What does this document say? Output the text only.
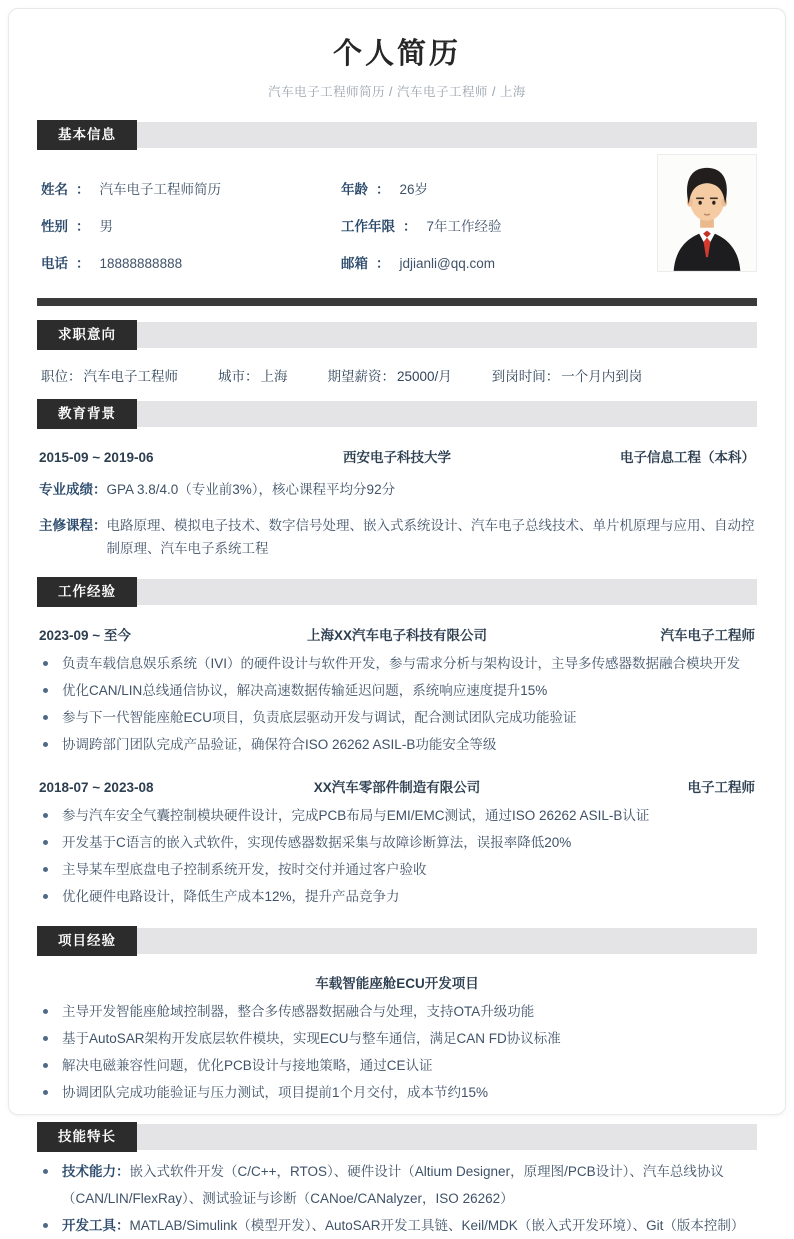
个人简历
汽车电子工程师简历 / 汽车电子工程师 / 上海
基本信息
姓名 ： 汽车电子工程师简历	年龄 ： 26岁
性别 ： 男	工作年限 ： 7年工作经验
电话 ： 18888888888	邮箱 ： jdjianli@qq.com
求职意向
职位： 汽车电子工程师	城市： 上海	期望薪资： 25000/月	到岗时间： 一个月内到岗
教育背景
2015-09 ~ 2019-06	西安电子科技大学	电子信息工程（本科）
专业成绩： GPA 3.8/4.0（专业前3%），核心课程平均分92分
主修课程： 电路原理、模拟电子技术、数字信号处理、嵌入式系统设计、汽车电子总线技术、单片机原理与应用、自动控制原理、汽车电子系统工程
工作经验
2023-09 ~ 至今	上海XX汽车电子科技有限公司	汽车电子工程师
负责车载信息娱乐系统（IVI）的硬件设计与软件开发，参与需求分析与架构设计，主导多传感器数据融合模块开发
优化CAN/LIN总线通信协议，解决高速数据传输延迟问题，系统响应速度提升15%
参与下一代智能座舱ECU项目，负责底层驱动开发与调试，配合测试团队完成功能验证
协调跨部门团队完成产品验证，确保符合ISO 26262 ASIL-B功能安全等级
2018-07 ~ 2023-08	XX汽车零部件制造有限公司	电子工程师
参与汽车安全气囊控制模块硬件设计，完成PCB布局与EMI/EMC测试，通过ISO 26262 ASIL-B认证
开发基于C语言的嵌入式软件，实现传感器数据采集与故障诊断算法，误报率降低20%
主导某车型底盘电子控制系统开发，按时交付并通过客户验收
优化硬件电路设计，降低生产成本12%，提升产品竞争力
项目经验
车载智能座舱ECU开发项目
主导开发智能座舱域控制器，整合多传感器数据融合与处理，支持OTA升级功能
基于AutoSAR架构开发底层软件模块，实现ECU与整车通信，满足CAN FD协议标准
解决电磁兼容性问题，优化PCB设计与接地策略，通过CE认证
协调团队完成功能验证与压力测试，项目提前1个月交付，成本节约15%
技能特长
技术能力：嵌入式软件开发（C/C++，RTOS）、硬件设计（Altium Designer，原理图/PCB设计）、汽车总线协议（CAN/LIN/FlexRay）、测试验证与诊断（CANoe/CANalyzer，ISO 26262）
开发工具：MATLAB/Simulink（模型开发）、AutoSAR开发工具链、Keil/MDK（嵌入式开发环境）、Git（版本控制）
